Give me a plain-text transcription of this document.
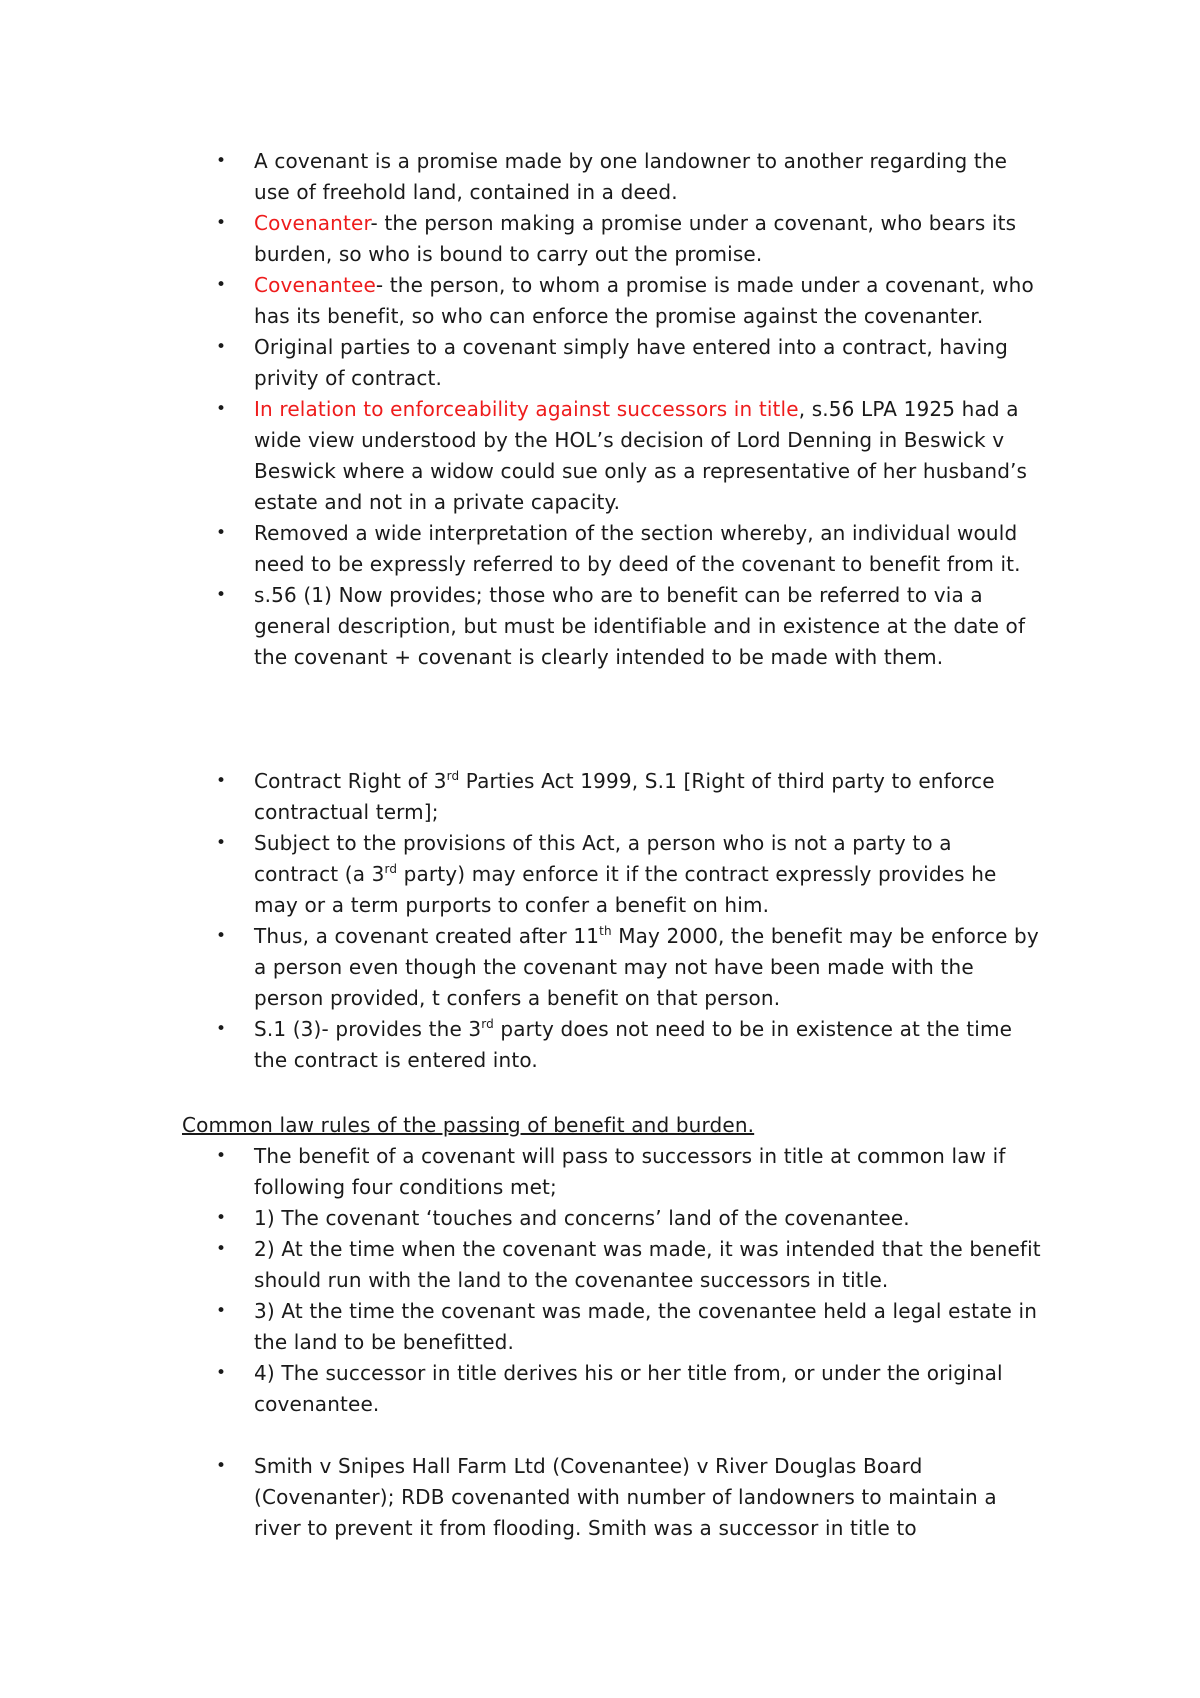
• A covenant is a promise made by one landowner to another regarding the use of freehold land, contained in a deed.
• Covenanter- the person making a promise under a covenant, who bears its burden, so who is bound to carry out the promise.
• Covenantee- the person, to whom a promise is made under a covenant, who has its benefit, so who can enforce the promise against the covenanter.
• Original parties to a covenant simply have entered into a contract, having privity of contract.
• In relation to enforceability against successors in title, s.56 LPA 1925 had a wide view understood by the HOL’s decision of Lord Denning in Beswick v Beswick where a widow could sue only as a representative of her husband’s estate and not in a private capacity.
• Removed a wide interpretation of the section whereby, an individual would need to be expressly referred to by deed of the covenant to benefit from it.
• s.56 (1) Now provides; those who are to benefit can be referred to via a general description, but must be identifiable and in existence at the date of the covenant + covenant is clearly intended to be made with them.
• Contract Right of 3rd Parties Act 1999, S.1 [Right of third party to enforce contractual term];
• Subject to the provisions of this Act, a person who is not a party to a contract (a 3rd party) may enforce it if the contract expressly provides he may or a term purports to confer a benefit on him.
• Thus, a covenant created after 11th May 2000, the benefit may be enforce by a person even though the covenant may not have been made with the person provided, t confers a benefit on that person.
• S.1 (3)- provides the 3rd party does not need to be in existence at the time the contract is entered into.
Common law rules of the passing of benefit and burden.
• The benefit of a covenant will pass to successors in title at common law if following four conditions met;
• 1) The covenant ‘touches and concerns’ land of the covenantee.
• 2) At the time when the covenant was made, it was intended that the benefit should run with the land to the covenantee successors in title.
• 3) At the time the covenant was made, the covenantee held a legal estate in the land to be benefitted.
• 4) The successor in title derives his or her title from, or under the original covenantee.
• Smith v Snipes Hall Farm Ltd (Covenantee) v River Douglas Board (Covenanter); RDB covenanted with number of landowners to maintain a river to prevent it from flooding. Smith was a successor in title to
